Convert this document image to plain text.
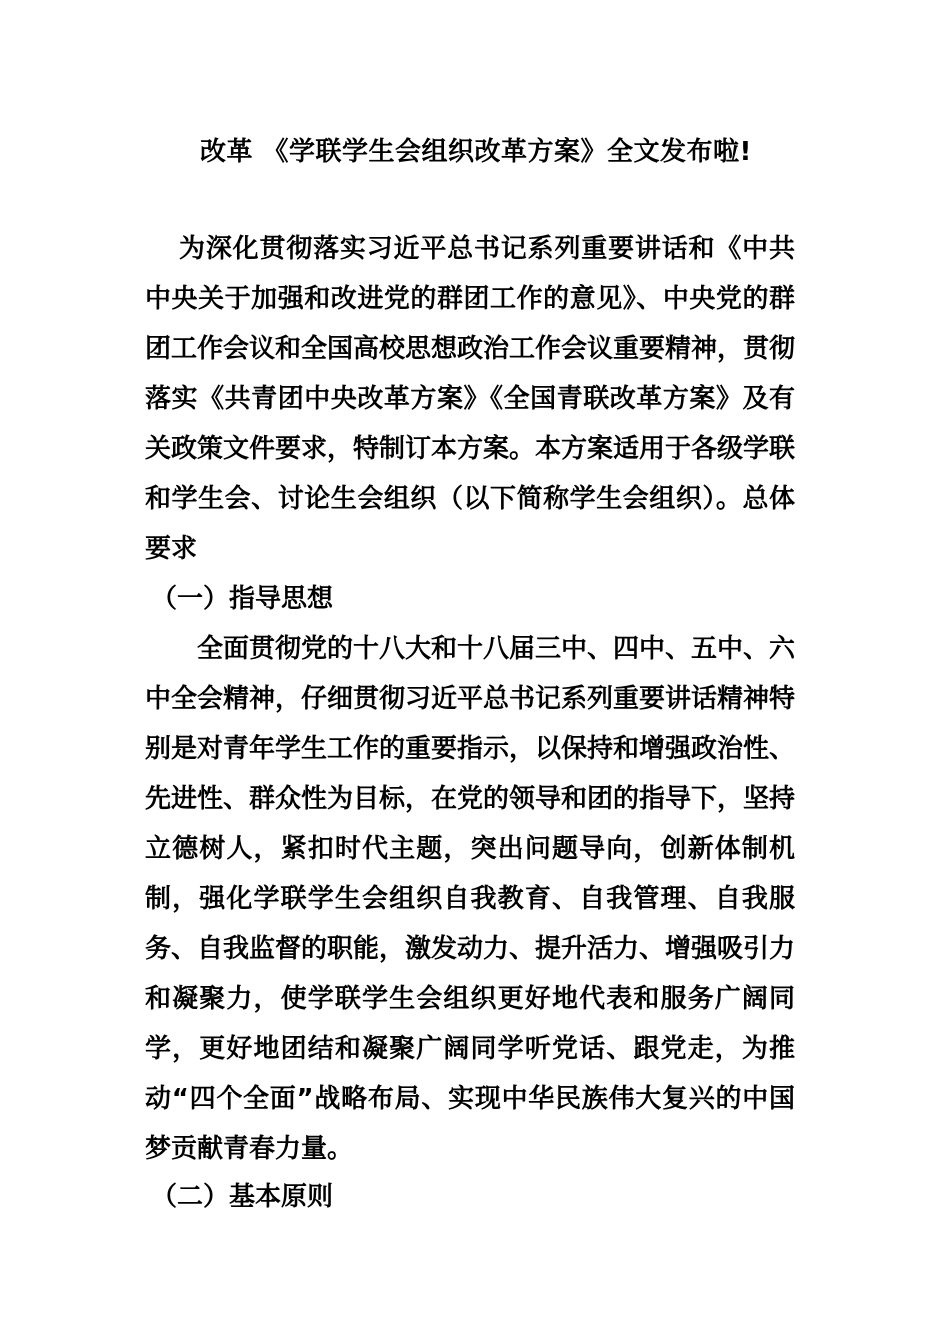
改革 《学联学生会组织改革方案》全文发布啦!

为深化贯彻落实习近平总书记系列重要讲话和《中共中央关于加强和改进党的群团工作的意见》、中央党的群团工作会议和全国高校思想政治工作会议重要精神，贯彻落实《共青团中央改革方案》《全国青联改革方案》及有关政策文件要求，特制订本方案。本方案适用于各级学联和学生会、讨论生会组织（以下简称学生会组织）。总体要求

（一）指导思想

全面贯彻党的十八大和十八届三中、四中、五中、六中全会精神，仔细贯彻习近平总书记系列重要讲话精神特别是对青年学生工作的重要指示，以保持和增强政治性、先进性、群众性为目标，在党的领导和团的指导下，坚持立德树人，紧扣时代主题，突出问题导向，创新体制机制，强化学联学生会组织自我教育、自我管理、自我服务、自我监督的职能，激发动力、提升活力、增强吸引力和凝聚力，使学联学生会组织更好地代表和服务广阔同学，更好地团结和凝聚广阔同学听党话、跟党走，为推动“四个全面”战略布局、实现中华民族伟大复兴的中国梦贡献青春力量。

（二）基本原则
